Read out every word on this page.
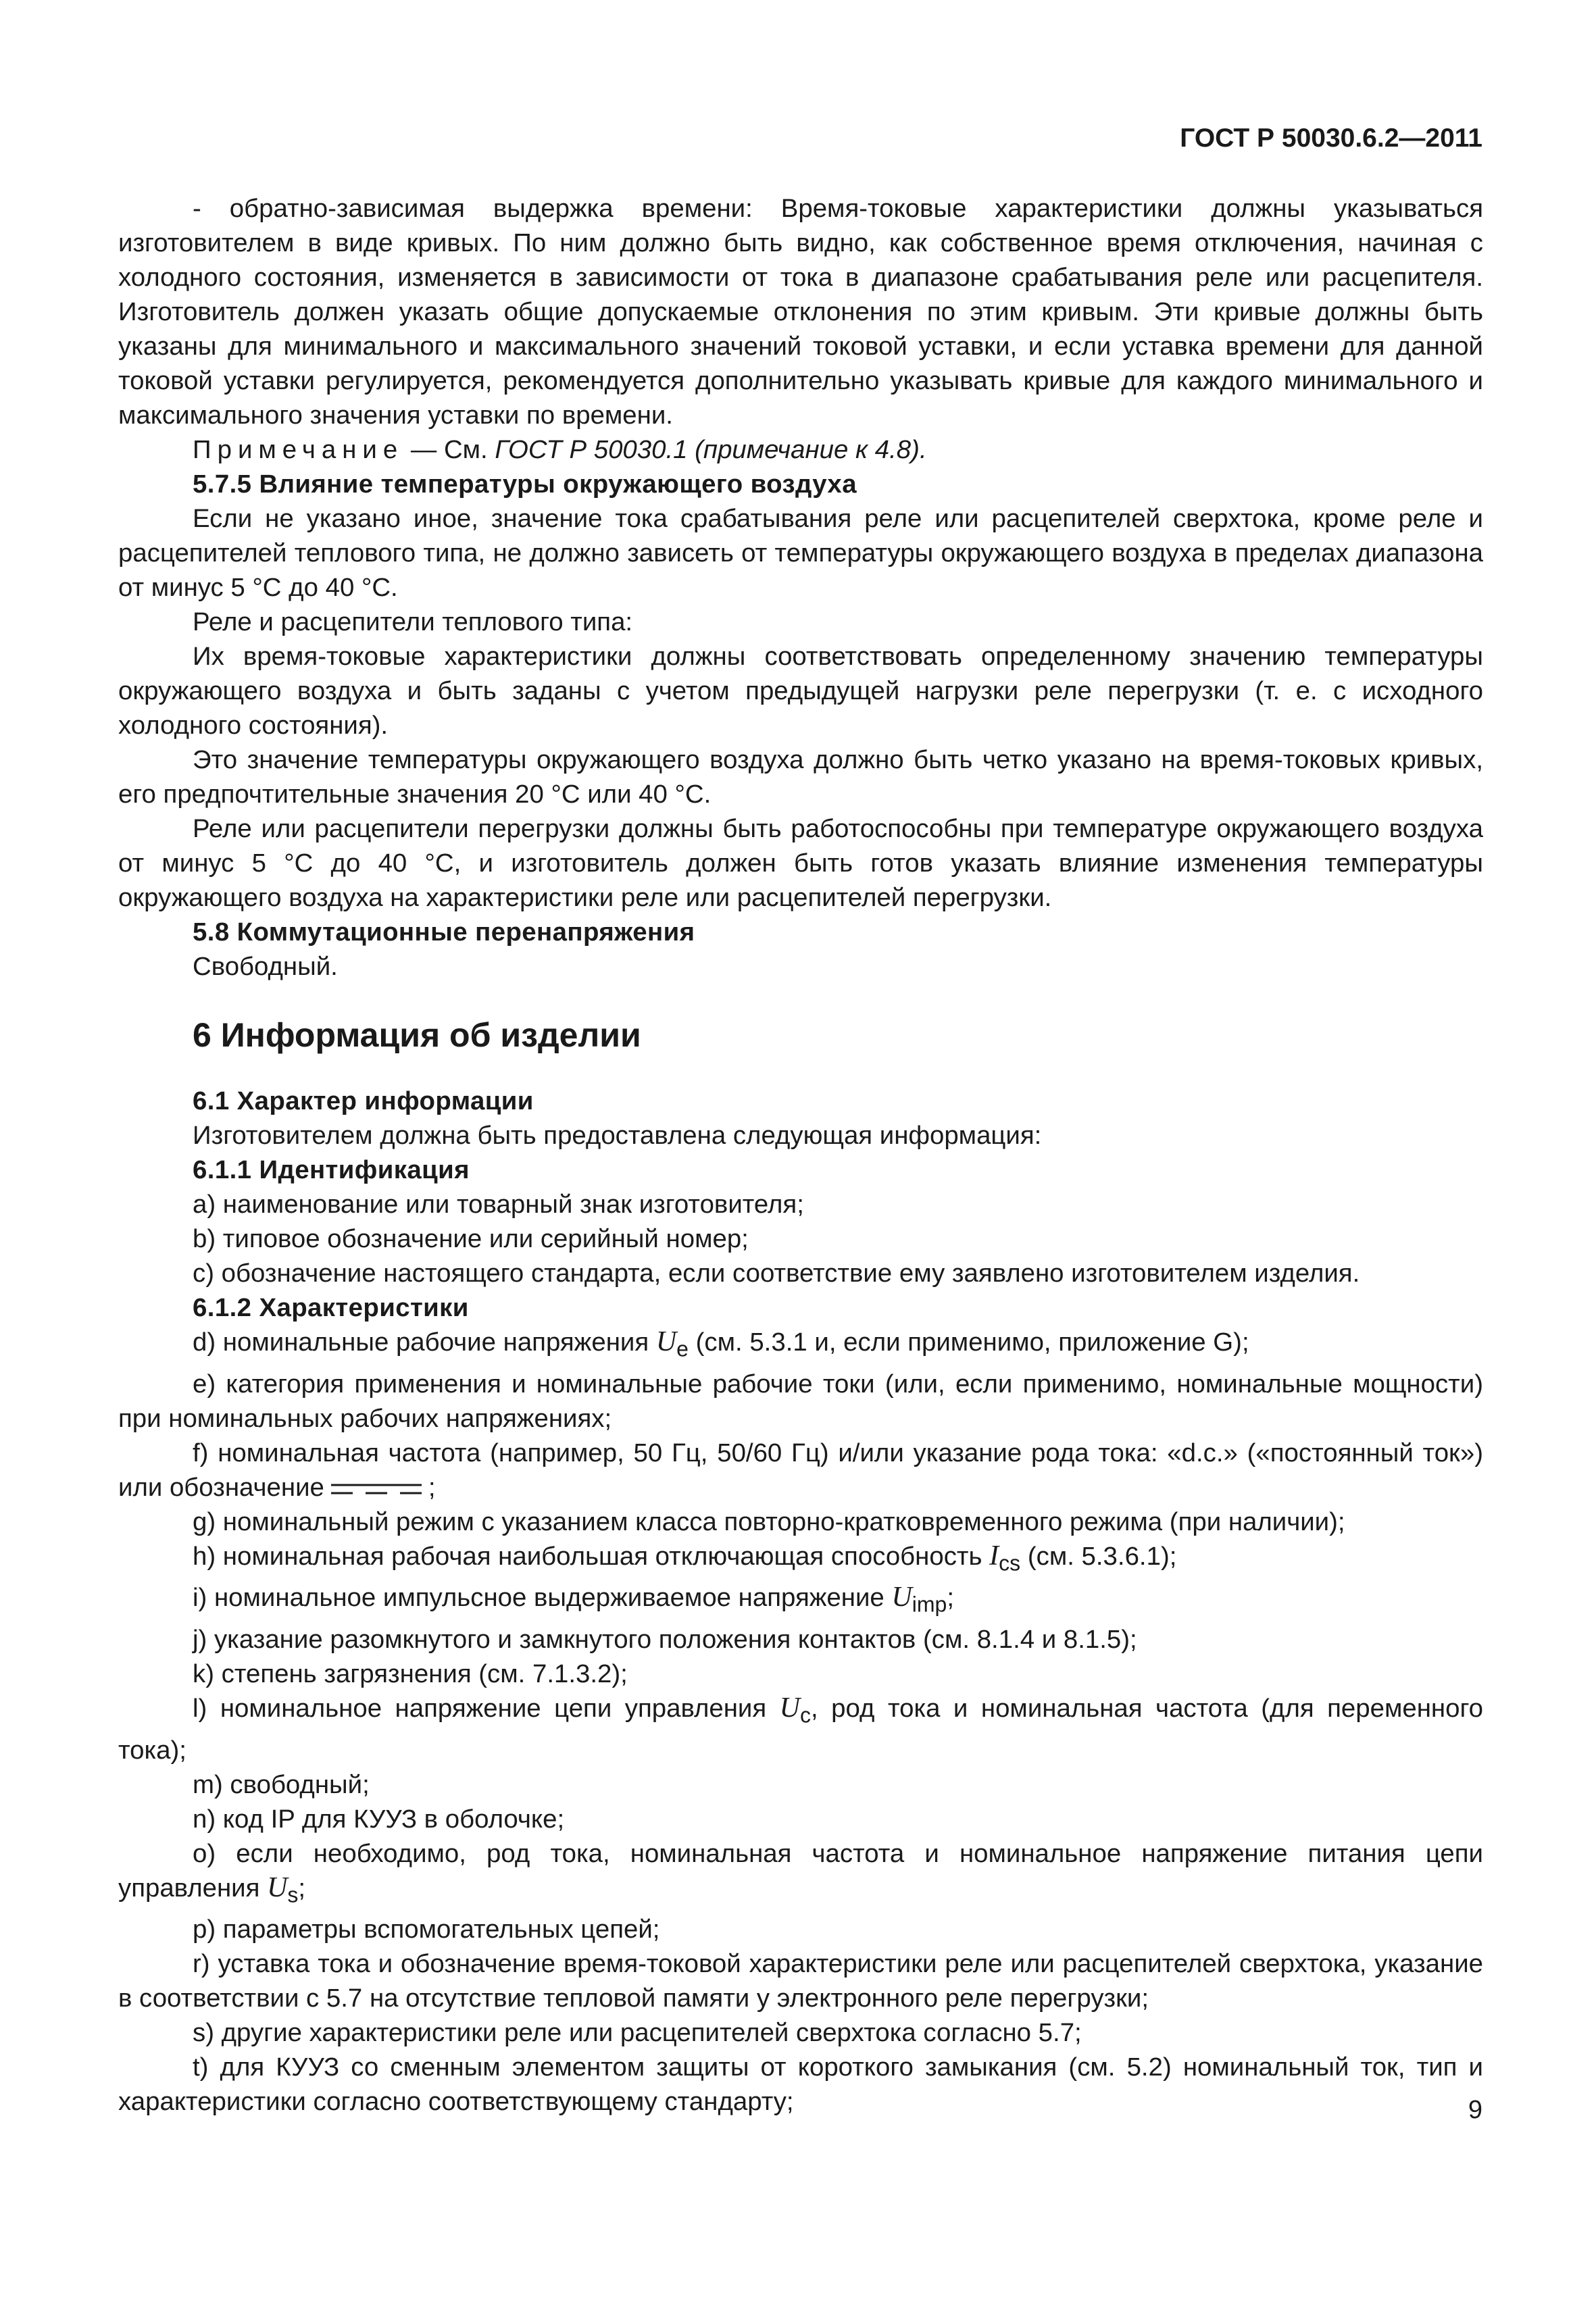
ГОСТ Р 50030.6.2—2011

- обратно-зависимая выдержка времени: Время-токовые характеристики должны указываться изготовителем в виде кривых. По ним должно быть видно, как собственное время отключения, начиная с холодного состояния, изменяется в зависимости от тока в диапазоне срабатывания реле или расцепителя. Изготовитель должен указать общие допускаемые отклонения по этим кривым. Эти кривые должны быть указаны для минимального и максимального значений токовой уставки, и если уставка времени для данной токовой уставки регулируется, рекомендуется дополнительно указывать кривые для каждого минимального и максимального значения уставки по времени.

Примечание — См. ГОСТ Р 50030.1 (примечание к 4.8).

5.7.5 Влияние температуры окружающего воздуха

Если не указано иное, значение тока срабатывания реле или расцепителей сверхтока, кроме реле и расцепителей теплового типа, не должно зависеть от температуры окружающего воздуха в пределах диапазона от минус 5 °С до 40 °С.

Реле и расцепители теплового типа:

Их время-токовые характеристики должны соответствовать определенному значению температуры окружающего воздуха и быть заданы с учетом предыдущей нагрузки реле перегрузки (т. е. с исходного холодного состояния).

Это значение температуры окружающего воздуха должно быть четко указано на время-токовых кривых, его предпочтительные значения 20 °С или 40 °С.

Реле или расцепители перегрузки должны быть работоспособны при температуре окружающего воздуха от минус 5 °С до 40 °С, и изготовитель должен быть готов указать влияние изменения температуры окружающего воздуха на характеристики реле или расцепителей перегрузки.

5.8 Коммутационные перенапряжения

Свободный.

6 Информация об изделии

6.1 Характер информации

Изготовителем должна быть предоставлена следующая информация:

6.1.1 Идентификация

a) наименование или товарный знак изготовителя;

b) типовое обозначение или серийный номер;

c) обозначение настоящего стандарта, если соответствие ему заявлено изготовителем изделия.

6.1.2 Характеристики

d) номинальные рабочие напряжения $U_e$ (см. 5.3.1 и, если применимо, приложение G);

e) категория применения и номинальные рабочие токи (или, если применимо, номинальные мощности) при номинальных рабочих напряжениях;

f) номинальная частота (например, 50 Гц, 50/60 Гц) и/или указание рода тока: «d.c.» («постоянный ток») или обозначение	;

g) номинальный режим с указанием класса повторно-кратковременного режима (при наличии);

h) номинальная рабочая наибольшая отключающая способность $I_{cs}$ (см. 5.3.6.1);

i) номинальное импульсное выдерживаемое напряжение $U_{imp}$;

j) указание разомкнутого и замкнутого положения контактов (см. 8.1.4 и 8.1.5);

k) степень загрязнения (см. 7.1.3.2);

l) номинальное напряжение цепи управления $U_c$, род тока и номинальная частота (для переменного тока);

m) свободный;

n) код IP для КУУЗ в оболочке;

o) если необходимо, род тока, номинальная частота и номинальное напряжение питания цепи управления $U_s$;

p) параметры вспомогательных цепей;

r) уставка тока и обозначение время-токовой характеристики реле или расцепителей сверхтока, указание в соответствии с 5.7 на отсутствие тепловой памяти у электронного реле перегрузки;

s) другие характеристики реле или расцепителей сверхтока согласно 5.7;

t) для КУУЗ со сменным элементом защиты от короткого замыкания (см. 5.2) номинальный ток, тип и характеристики согласно соответствующему стандарту;	9
